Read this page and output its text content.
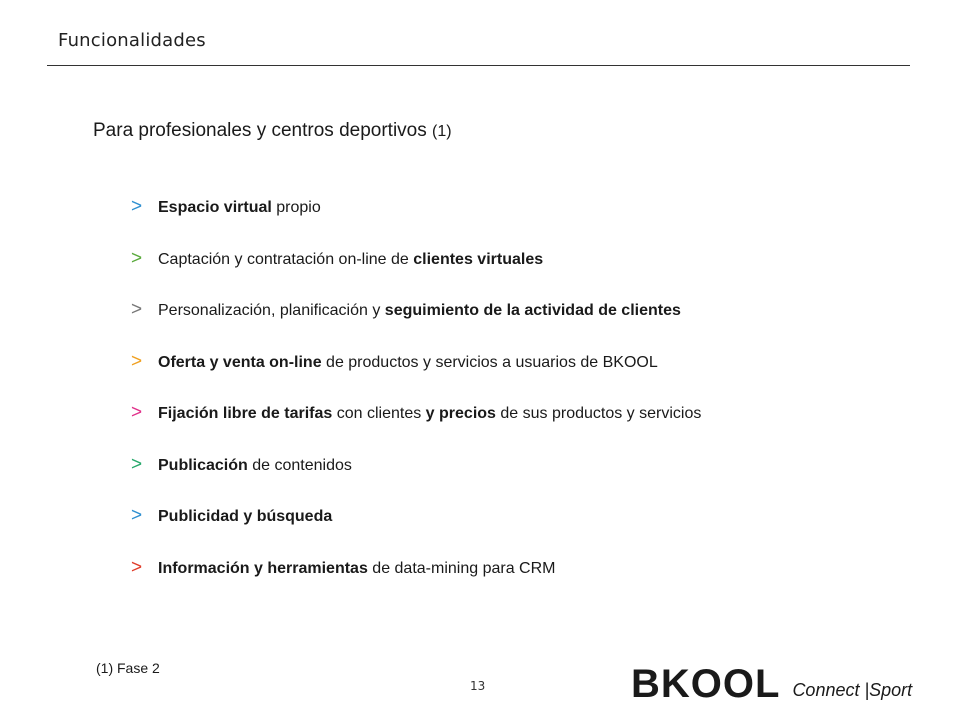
Funcionalidades
Para profesionales y centros deportivos (1)
> Espacio virtual propio
> Captación y contratación on-line de clientes virtuales
> Personalización, planificación y seguimiento de la actividad de clientes
> Oferta y venta on-line de productos y servicios a usuarios de BKOOL
> Fijación libre de tarifas con clientes y precios de sus productos y servicios
> Publicación de contenidos
> Publicidad y búsqueda
> Información y herramientas de data-mining para CRM
(1) Fase 2
13	BKOOL Connect |Sport
